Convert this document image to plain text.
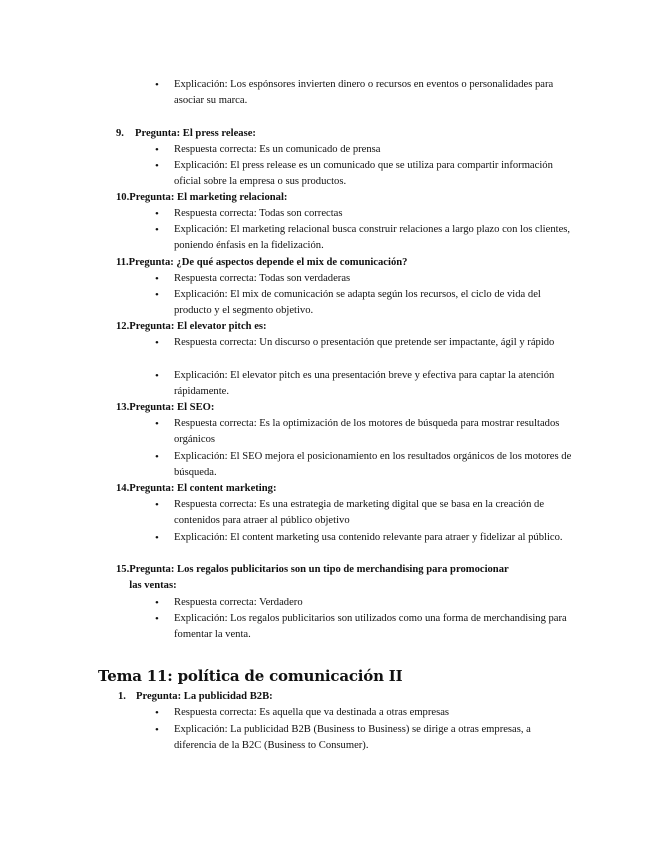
• Explicación: Los espónsores invierten dinero o recursos en eventos o personalidades para asociar su marca.
9.	Pregunta: El press release:
• Respuesta correcta: Es un comunicado de prensa
• Explicación: El press release es un comunicado que se utiliza para compartir información oficial sobre la empresa o sus productos.
10. Pregunta: El marketing relacional:
• Respuesta correcta: Todas son correctas
• Explicación: El marketing relacional busca construir relaciones a largo plazo con los clientes, poniendo énfasis en la fidelización.
11. Pregunta: ¿De qué aspectos depende el mix de comunicación?
• Respuesta correcta: Todas son verdaderas
• Explicación: El mix de comunicación se adapta según los recursos, el ciclo de vida del producto y el segmento objetivo.
12. Pregunta: El elevator pitch es:
• Respuesta correcta: Un discurso o presentación que pretende ser impactante, ágil y rápido
• Explicación: El elevator pitch es una presentación breve y efectiva para captar la atención rápidamente.
13. Pregunta: El SEO:
• Respuesta correcta: Es la optimización de los motores de búsqueda para mostrar resultados orgánicos
• Explicación: El SEO mejora el posicionamiento en los resultados orgánicos de los motores de búsqueda.
14. Pregunta: El content marketing:
• Respuesta correcta: Es una estrategia de marketing digital que se basa en la creación de contenidos para atraer al público objetivo
• Explicación: El content marketing usa contenido relevante para atraer y fidelizar al público.
15. Pregunta: Los regalos publicitarios son un tipo de merchandising para promocionar las ventas:
• Respuesta correcta: Verdadero
• Explicación: Los regalos publicitarios son utilizados como una forma de merchandising para fomentar la venta.
Tema 11: política de comunicación II
1. Pregunta: La publicidad B2B:
• Respuesta correcta: Es aquella que va destinada a otras empresas
• Explicación: La publicidad B2B (Business to Business) se dirige a otras empresas, a diferencia de la B2C (Business to Consumer).
